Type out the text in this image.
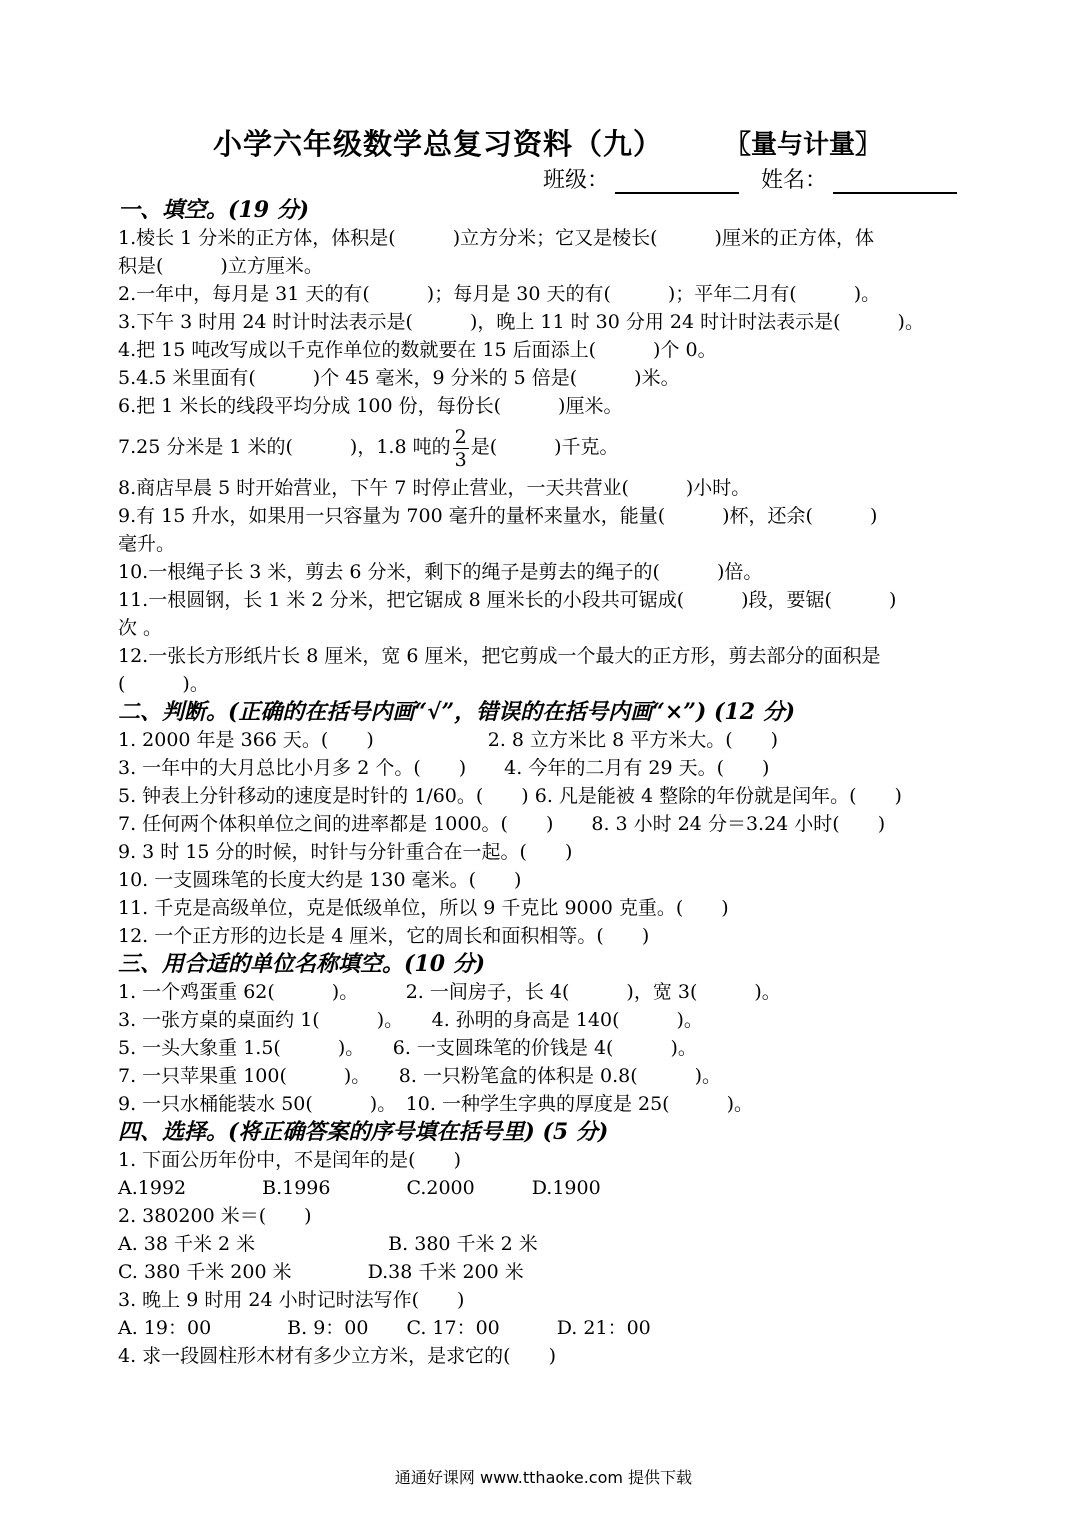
小学六年级数学总复习资料（九） 〖量与计量〗
班级：	姓名：
一、填空。(19 分)
1.棱长 1 分米的正方体，体积是(　　　)立方分米；它又是棱长(　　　)厘米的正方体，体
积是(　　　)立方厘米。
2.一年中，每月是 31 天的有(　　　)；每月是 30 天的有(　　　)；平年二月有(　　　)。
3.下午 3 时用 24 时计时法表示是(　　　)，晚上 11 时 30 分用 24 时计时法表示是(　　　)。
4.把 15 吨改写成以千克作单位的数就要在 15 后面添上(　　　)个 0。
5.4.5 米里面有(　　　)个 45 毫米，9 分米的 5 倍是(　　　)米。
6.把 1 米长的线段平均分成 100 份，每份长(　　　)厘米。
7.25 分米是 1 米的(　　　)，1.8 吨的 $\frac{2}{3}$ 是(　　　)千克。
8.商店早晨 5 时开始营业，下午 7 时停止营业，一天共营业(　　　)小时。
9.有 15 升水，如果用一只容量为 700 毫升的量杯来量水，能量(　　　)杯，还余(　　　)
毫升。
10.一根绳子长 3 米，剪去 6 分米，剩下的绳子是剪去的绳子的(　　　)倍。
11.一根圆钢，长 1 米 2 分米，把它锯成 8 厘米长的小段共可锯成(　　　)段，要锯(　　　)
次 。
12.一张长方形纸片长 8 厘米，宽 6 厘米，把它剪成一个最大的正方形，剪去部分的面积是
(　　　)。
二、判断。(正确的在括号内画“√”，错误的在括号内画“×”) (12 分)
1. 2000 年是 366 天。(　　)　　　　　　2. 8 立方米比 8 平方米大。(　　)
3. 一年中的大月总比小月多 2 个。(　　)　　4. 今年的二月有 29 天。(　　)
5. 钟表上分针移动的速度是时针的 1/60。(　　) 6. 凡是能被 4 整除的年份就是闰年。(　　)
7. 任何两个体积单位之间的进率都是 1000。(　　)　　8. 3 小时 24 分＝3.24 小时(　　)
9. 3 时 15 分的时候，时针与分针重合在一起。(　　)
10. 一支圆珠笔的长度大约是 130 毫米。(　　)
11. 千克是高级单位，克是低级单位，所以 9 千克比 9000 克重。(　　)
12. 一个正方形的边长是 4 厘米，它的周长和面积相等。(　　)
三、用合适的单位名称填空。(10 分)
1. 一个鸡蛋重 62(　　　)。　　　2. 一间房子，长 4(　　　)，宽 3(　　　)。
3. 一张方桌的桌面约 1(　　　)。　　4. 孙明的身高是 140(　　　)。
5. 一头大象重 1.5(　　　)。　　6. 一支圆珠笔的价钱是 4(　　　)。
7. 一只苹果重 100(　　　)。　　8. 一只粉笔盒的体积是 0.8(　　　)。
9. 一只水桶能装水 50(　　　)。　10. 一种学生字典的厚度是 25(　　　)。
四、选择。(将正确答案的序号填在括号里) (5 分)
1. 下面公历年份中，不是闰年的是(　　)
A.1992　　　　B.1996　　　　C.2000　　　D.1900
2. 380200 米＝(　　)
A. 38 千米 2 米　　　　　　　B. 380 千米 2 米
C. 380 千米 200 米　　　　D.38 千米 200 米
3. 晚上 9 时用 24 小时记时法写作(　　)
A. 19：00　　　　B. 9：00　　C. 17：00　　　D. 21：00
4. 求一段圆柱形木材有多少立方米，是求它的(　　)
通通好课网 www.tthaoke.com 提供下载
